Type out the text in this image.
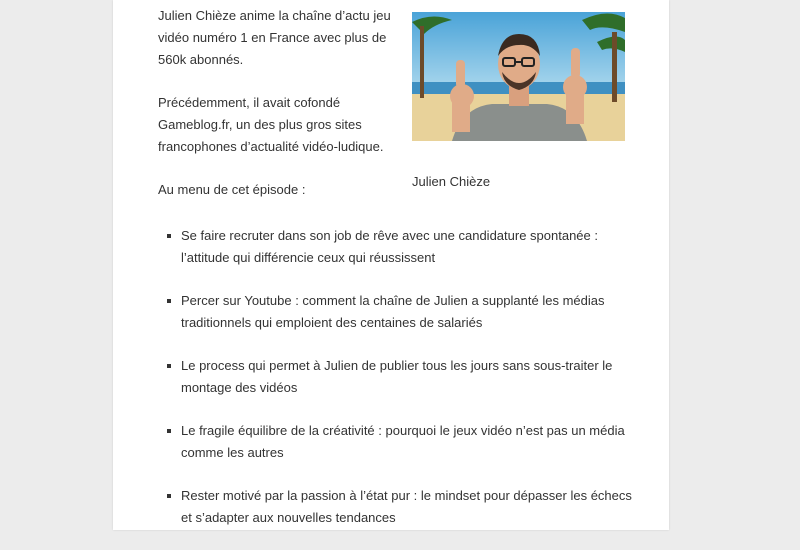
Julien Chièze anime la chaîne d’actu jeu vidéo numéro 1 en France avec plus de 560k abonnés.

Précédemment, il avait cofondé Gameblog.fr, un des plus gros sites francophones d’actualité vidéo-ludique.

Au menu de cet épisode :

Julien Chièze
Se faire recruter dans son job de rêve avec une candidature spontanée : l’attitude qui différencie ceux qui réussissent
Percer sur Youtube : comment la chaîne de Julien a supplanté les médias traditionnels qui emploient des centaines de salariés
Le process qui permet à Julien de publier tous les jours sans sous-traiter le montage des vidéos
Le fragile équilibre de la créativité : pourquoi le jeux vidéo n’est pas un média comme les autres
Rester motivé par la passion à l’état pur : le mindset pour dépasser les échecs et s’adapter aux nouvelles tendances
